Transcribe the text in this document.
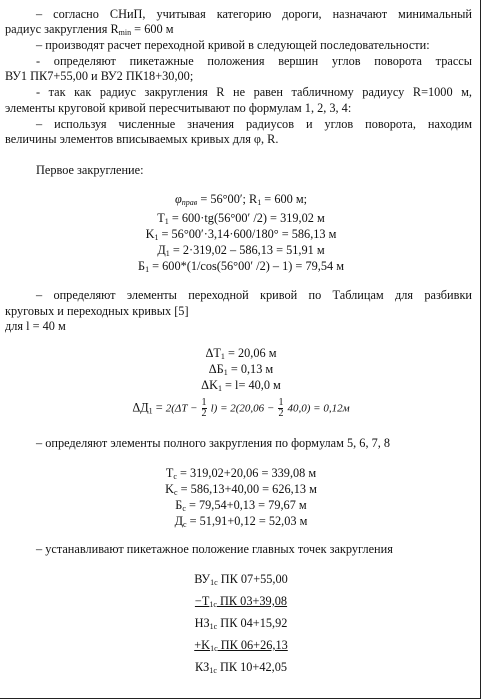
– согласно СНиП, учитывая категорию дороги, назначают минимальный

радиус закругления $R_{min} = 600$ м

– производят расчет переходной кривой в следующей последовательности:

- определяют пикетажные положения вершин углов поворота трассы

ВУ1 ПК7+55,00 и ВУ2 ПК18+30,00;

- так как радиус закругления R не равен табличному радиусу R=1000 м,

элементы круговой кривой пересчитывают по формулам 1, 2, 3, 4:

– используя численные значения радиусов и углов поворота, находим

величины элементов вписываемых кривых для φ, R.

Первое закругление:

$\varphi_{прав} = 56^\circ 00'$; $R_1 = 600$ м;
$T_1 = 600\cdot tg(56^\circ 00'$ /2) = 319,02 м
$K_1 = 56^\circ 00'\cdot 3,14\cdot 600/180^\circ = 586,13$ м
$Д_1 = 2\cdot 319,02 - 586,13 = 51,91$ м
$Б_1 = 600*(1/\cos(56^\circ 00'$ /2) – 1) = 79,54 м

– определяют элементы переходной кривой по Таблицам для разбивки

круговых и переходных кривых [5]

для l = 40 м

$\Delta T_1 = 20,06$ м
$\Delta Б_1 = 0,13$ м
$\Delta K_1 = l= 40,0$ м
$\Delta Д_1 = 2(\Delta T - \frac{1}{2} l) = 2(20,06 - \frac{1}{2} 40,0) = 0,12м$

– определяют элементы полного закругления по формулам 5, 6, 7, 8

$T_c = 319,02+20,06 = 339,08$ м
$K_c = 586,13+40,00 = 626,13$ м
$Б_c = 79,54+0,13 = 79,67$ м
$Д_c = 51,91+0,12 = 52,03$ м

– устанавливают пикетажное положение главных точек закругления

$ВУ_{1с}$ ПК 07+55,00
$-T_{1с}$ ПК 03+39,08
$НЗ_{1с}$ ПК 04+15,92
$+K_{1с}$ ПК 06+26,13
$КЗ_{1с}$ ПК 10+42,05
